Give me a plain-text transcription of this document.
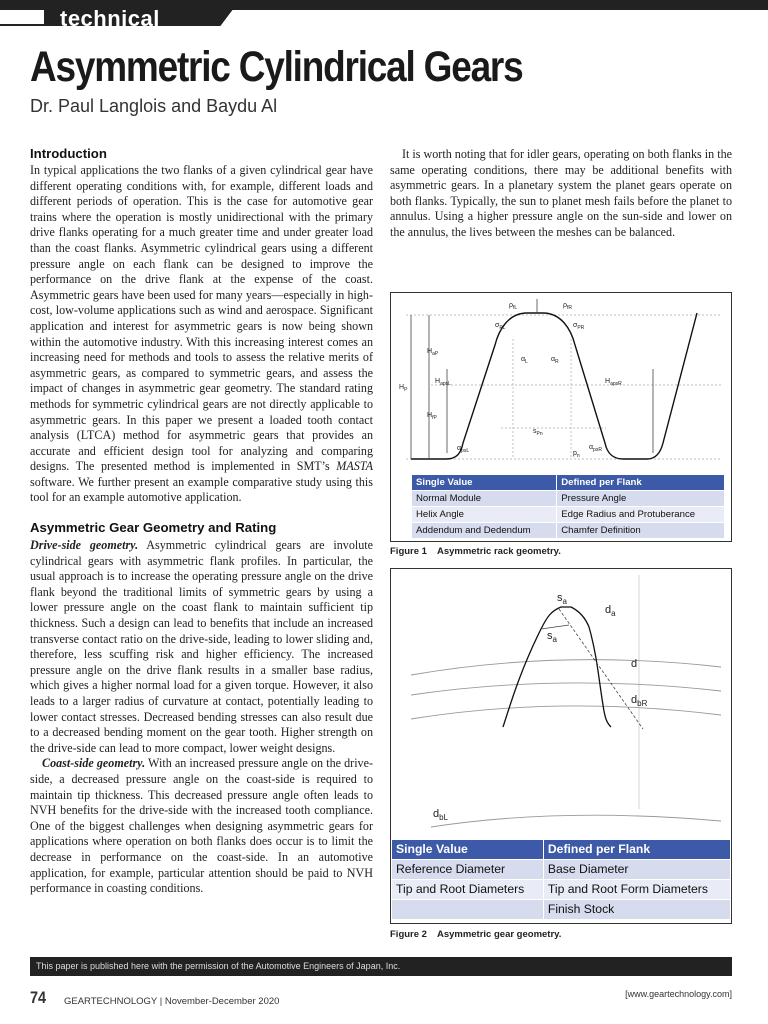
technical
Asymmetric Cylindrical Gears
Dr. Paul Langlois and Baydu Al
Introduction

In typical applications the two flanks of a given cylindrical gear have different operating conditions with, for example, different loads and different periods of operation. This is the case for automotive gear trains where the operation is mostly unidirectional with the primary drive flanks operating for a much greater time and under greater load than the coast flanks. Asymmetric cylindrical gears using a different pressure angle on each flank can be designed to improve the performance on the drive flank at the expense of the coast. Asymmetric gears have been used for many years—especially in high-cost, low-volume applications such as wind and aerospace. Significant application and interest for asymmetric gears is now being shown within the automotive industry. With this increasing interest comes an increasing need for methods and tools to assess the relative merits of asymmetric gears, as compared to symmetric gears, and assess the impact of changes in asymmetric gear geometry. The standard rating methods for symmetric cylindrical gears are not directly applicable to asymmetric gears. In this paper we present a loaded tooth contact analysis (LTCA) method for asymmetric gears that provides an accurate and efficient design tool for analyzing and comparing designs. The presented method is implemented in SMT’s MASTA software. We further present an example comparative study using this tool for an example automotive application.

Asymmetric Gear Geometry and Rating

Drive-side geometry. Asymmetric cylindrical gears are involute cylindrical gears with asymmetric flank profiles. In particular, the usual approach is to increase the operating pressure angle on the drive flank beyond the traditional limits of symmetric gears by using a lower pressure angle on the coast flank to maintain sufficient tip thickness. Such a design can lead to benefits that include an increased transverse contact ratio on the drive-side, leading to lower sliding and, therefore, less scuffing risk and higher efficiency. The increased pressure angle on the drive flank results in a smaller base radius, which gives a higher normal load for a given torque. However, it also leads to a larger radius of curvature at contact, potentially leading to lower contact stresses. Decreased bending stresses can also result due to a decreased bending moment on the gear tooth. Higher strength on the drive-side can lead to more compact, lower weight designs.

Coast-side geometry. With an increased pressure angle on the drive-side, a decreased pressure angle on the coast-side is required to maintain tip thickness. This decreased pressure angle often leads to NVH benefits for the drive-side with the increased tooth compliance. One of the biggest challenges when designing asymmetric gears for applications where operation on both flanks does occur is to limit the decrease in performance on the coast-side. In an automotive application, for example, particular attention should be paid to NVH performance in coasting conditions.

It is worth noting that for idler gears, operating on both flanks in the same operating conditions, there may be additional benefits with asymmetric gears. In a planetary system the planet gears operate on both flanks. Typically, the sun to planet mesh fails before the planet to annulus. Using a higher pressure angle on the sun-side and lower on the annulus, the lives between the meshes can be balanced.

$\rho_{fL}$	$\rho_{fR}$
$\sigma_{PL}$	$\sigma_{PR}$
$H_{aP}$
$H_P$
$H_{apsL}$	$H_{apsR}$
$H_{fP}$
$\alpha_L$	$\alpha_R$
$s_{Pn}$
$p_n$
$\alpha_{psL}$	$\alpha_{psR}$
Single Value	Defined per Flank
Normal Module	Pressure Angle
Helix Angle	Edge Radius and Protuberance
Addendum and Dedendum	Chamfer Definition
Figure 1 Asymmetric rack geometry.
$s_a$
$s_a$
$d_a$
d
$d_{bR}$
$d_{bL}$
Single Value	Defined per Flank
Reference Diameter	Base Diameter
Tip and Root Diameters	Tip and Root Form Diameters
	Finish Stock
Figure 2 Asymmetric gear geometry.
This paper is published here with the permission of the Automotive Engineers of Japan, Inc.
74 GEARTECHNOLOGY | November-December 2020
[www.geartechnology.com]
